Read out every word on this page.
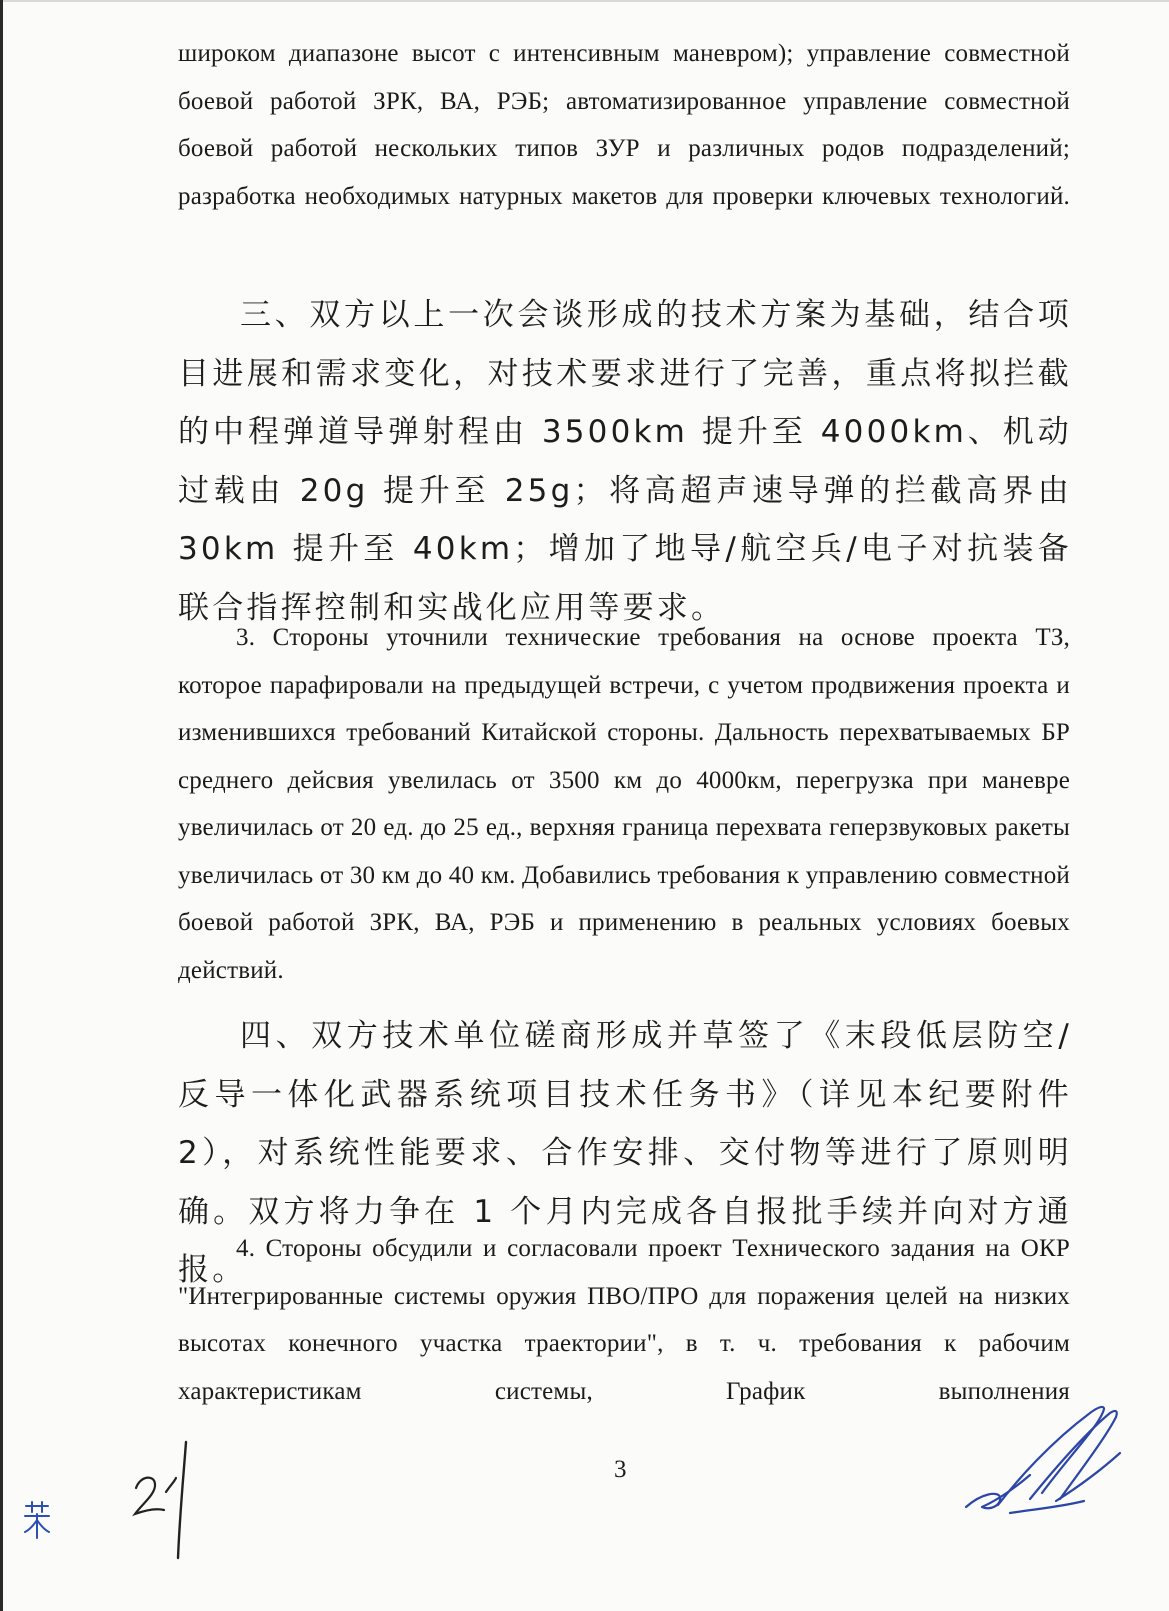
широком диапазоне высот с интенсивным маневром); управление совместной боевой работой ЗРК, ВА, РЭБ; автоматизированное управление совместной боевой работой нескольких типов ЗУР и различных родов подразделений; разработка необходимых натурных макетов для проверки ключевых технологий.

三、双方以上一次会谈形成的技术方案为基础，结合项目进展和需求变化，对技术要求进行了完善，重点将拟拦截的中程弹道导弹射程由 3500km 提升至 4000km、机动过载由 20g 提升至 25g；将高超声速导弹的拦截高界由 30km 提升至 40km；增加了地导/航空兵/电子对抗装备联合指挥控制和实战化应用等要求。

3. Стороны уточнили технические требования на основе проекта ТЗ, которое парафировали на предыдущей встречи, с учетом продвижения проекта и изменившихся требований Китайской стороны. Дальность перехватываемых БР среднего дейсвия увелилась от 3500 км до 4000км, перегрузка при маневре увеличилась от 20 ед. до 25 ед., верхняя граница перехвата геперзвуковых ракеты увеличилась от 30 км до 40 км. Добавились требования к управлению совместной боевой работой ЗРК, ВА, РЭБ и применению в реальных условиях боевых действий.

四、双方技术单位磋商形成并草签了《末段低层防空/反导一体化武器系统项目技术任务书》（详见本纪要附件 2），对系统性能要求、合作安排、交付物等进行了原则明确。双方将力争在 1 个月内完成各自报批手续并向对方通报。

4. Стороны обсудили и согласовали проект Технического задания на ОКР "Интегрированные системы оружия ПВО/ПРО для поражения целей на низких высотах конечного участка траектории", в т. ч. требования к рабочим характеристикам системы, График выполнения

3
